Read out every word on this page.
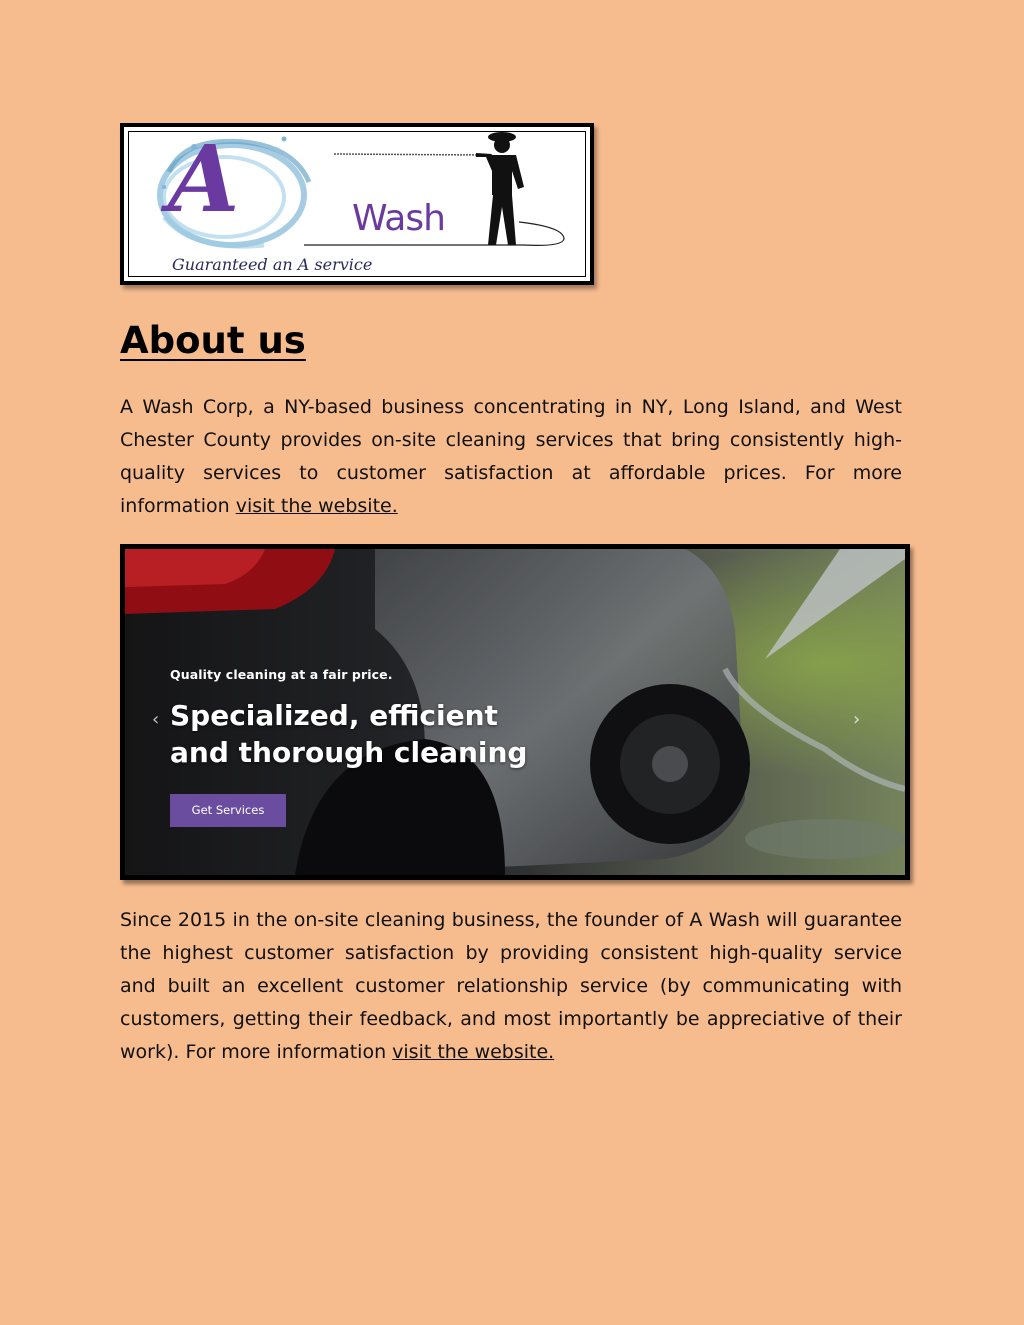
A	Wash
Guaranteed an A service
About us

A Wash Corp, a NY-based business concentrating in NY, Long Island, and West Chester County provides on-site cleaning services that bring consistently high-quality services to customer satisfaction at affordable prices. For more information visit the website.

‹	›
Quality cleaning at a fair price.
Specialized, efficient
and thorough cleaning
Get Services

Since 2015 in the on-site cleaning business, the founder of A Wash will guarantee the highest customer satisfaction by providing consistent high-quality service and built an excellent customer relationship service (by communicating with customers, getting their feedback, and most importantly be appreciative of their work). For more information visit the website.
